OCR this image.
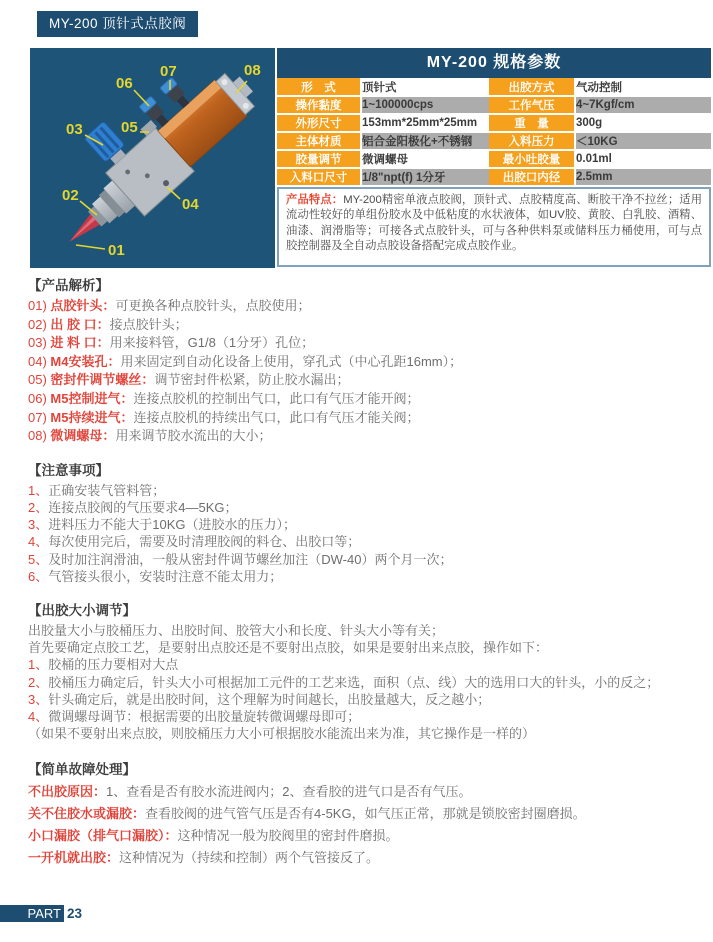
MY-200 顶针式点胶阀
01
02
03
04
05
06
07	08	MY-200 规格参数
形　式	顶针式	出胶方式	气动控制
操作黏度	1~100000cps	工作气压	4~7Kgf/cm
外形尺寸	153mm*25mm*25mm	重　量	300g
主体材质	铝合金阳极化+不锈钢	入料压力	＜10KG
胶量调节	微调螺母	最小吐胶量	0.01ml
入料口尺寸	1/8"npt(f) 1分牙	出胶口内径	2.5mm
产品特点：MY-200精密单液点胶阀，顶针式、点胶精度高、断胶干净不拉丝；适用流动性较好的单组份胶水及中低粘度的水状液体，如UV胶、黄胶、白乳胶、酒精、油漆、润滑脂等；可接各式点胶针头，可与各种供料泵或储料压力桶使用，可与点胶控制器及全自动点胶设备搭配完成点胶作业。
【产品解析】
01) 点胶针头：可更换各种点胶针头，点胶使用；
02) 出 胶 口：接点胶针头；
03) 进 料 口：用来接料管，G1/8（1分牙）孔位；
04) M4安装孔：用来固定到自动化设备上使用，穿孔式（中心孔距16mm）；
05) 密封件调节螺丝：调节密封件松紧，防止胶水漏出；
06) M5控制进气：连接点胶机的控制出气口，此口有气压才能开阀；
07) M5持续进气：连接点胶机的持续出气口，此口有气压才能关阀；
08) 微调螺母：用来调节胶水流出的大小；
【注意事项】
1、正确安装气管料管；
2、连接点胶阀的气压要求4—5KG；
3、进料压力不能大于10KG（进胶水的压力）；
4、每次使用完后，需要及时清理胶阀的料仓、出胶口等；
5、及时加注润滑油，一般从密封件调节螺丝加注（DW-40）两个月一次；
6、气管接头很小，安装时注意不能太用力；
【出胶大小调节】
出胶量大小与胶桶压力、出胶时间、胶管大小和长度、针头大小等有关；
首先要确定点胶工艺，是要射出点胶还是不要射出点胶，如果是要射出来点胶，操作如下：
1、胶桶的压力要相对大点
2、胶桶压力确定后，针头大小可根据加工元件的工艺来选，面积（点、线）大的选用口大的针头，小的反之；
3、针头确定后，就是出胶时间，这个理解为时间越长，出胶量越大，反之越小；
4、微调螺母调节：根据需要的出胶量旋转微调螺母即可；
（如果不要射出来点胶，则胶桶压力大小可根据胶水能流出来为准，其它操作是一样的）
【简单故障处理】
不出胶原因：1、查看是否有胶水流进阀内；2、查看胶的进气口是否有气压。
关不住胶水或漏胶：查看胶阀的进气管气压是否有4-5KG，如气压正常，那就是锁胶密封圈磨损。
小口漏胶（排气口漏胶）：这种情况一般为胶阀里的密封件磨损。
一开机就出胶：这种情况为（持续和控制）两个气管接反了。
PART 23
